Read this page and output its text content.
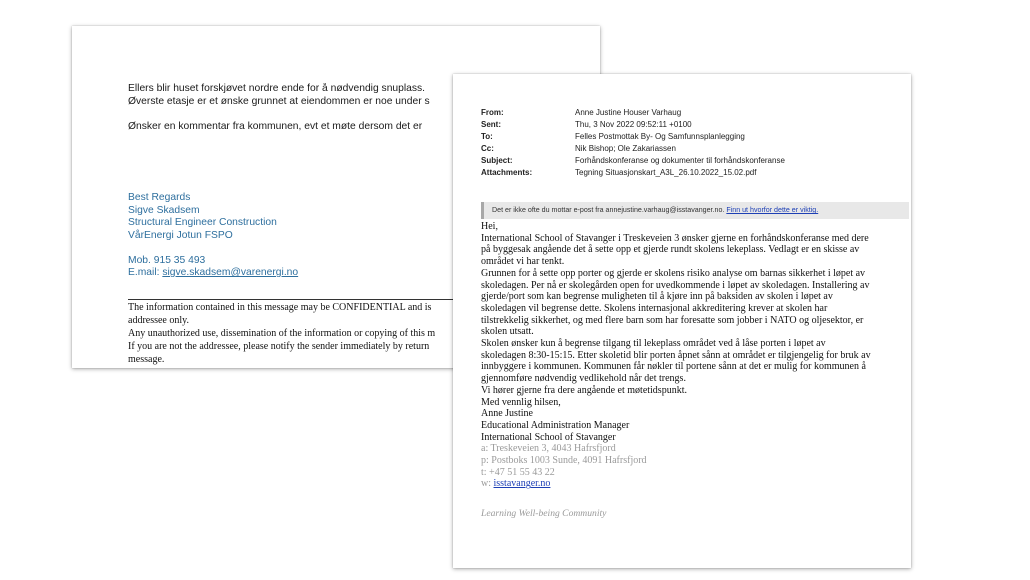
Ellers blir huset forskjøvet nordre ende for å nødvendig snuplass.
Øverste etasje er et ønske grunnet at eiendommen er noe under s
Ønsker en kommentar fra kommunen, evt et møte dersom det er
Best Regards
Sigve Skadsem
Structural Engineer Construction
VårEnergi Jotun FSPO
Mob. 915 35 493
E.mail: sigve.skadsem@varenergi.no
The information contained in this message may be CONFIDENTIAL and is
addressee only.
Any unauthorized use, dissemination of the information or copying of this m
If you are not the addressee, please notify the sender immediately by return
message.
From:	Anne Justine Houser Varhaug
Sent:	Thu, 3 Nov 2022 09:52:11 +0100
To:	Felles Postmottak By- Og Samfunnsplanlegging
Cc:	Nik Bishop; Ole Zakariassen
Subject:	Forhåndskonferanse og dokumenter til forhåndskonferanse
Attachments:	Tegning Situasjonskart_A3L_26.10.2022_15.02.pdf
Det er ikke ofte du mottar e-post fra annejustine.varhaug@isstavanger.no. Finn ut hvorfor dette er viktig.
Hei,
International School of Stavanger i Treskeveien 3 ønsker gjerne en forhåndskonferanse med dere
på byggesak angående det å sette opp et gjerde rundt skolens lekeplass. Vedlagt er en skisse av
området vi har tenkt.
Grunnen for å sette opp porter og gjerde er skolens risiko analyse om barnas sikkerhet i løpet av
skoledagen. Per nå er skolegården open for uvedkommende i løpet av skoledagen. Installering av
gjerde/port som kan begrense muligheten til å kjøre inn på baksiden av skolen i løpet av
skoledagen vil begrense dette. Skolens internasjonal akkreditering krever at skolen har
tilstrekkelig sikkerhet, og med flere barn som har foresatte som jobber i NATO og oljesektor, er
skolen utsatt.
Skolen ønsker kun å begrense tilgang til lekeplass området ved å låse porten i løpet av
skoledagen 8:30-15:15. Etter skoletid blir porten åpnet sånn at området er tilgjengelig for bruk av
innbyggere i kommunen. Kommunen får nøkler til portene sånn at det er mulig for kommunen å
gjennomføre nødvendig vedlikehold når det trengs.
Vi hører gjerne fra dere angående et møtetidspunkt.
Med vennlig hilsen,
Anne Justine
Educational Administration Manager
International School of Stavanger
a: Treskeveien 3, 4043 Hafrsfjord
p: Postboks 1003 Sunde, 4091 Hafrsfjord
t: +47 51 55 43 22
w: isstavanger.no
Learning Well-being Community
